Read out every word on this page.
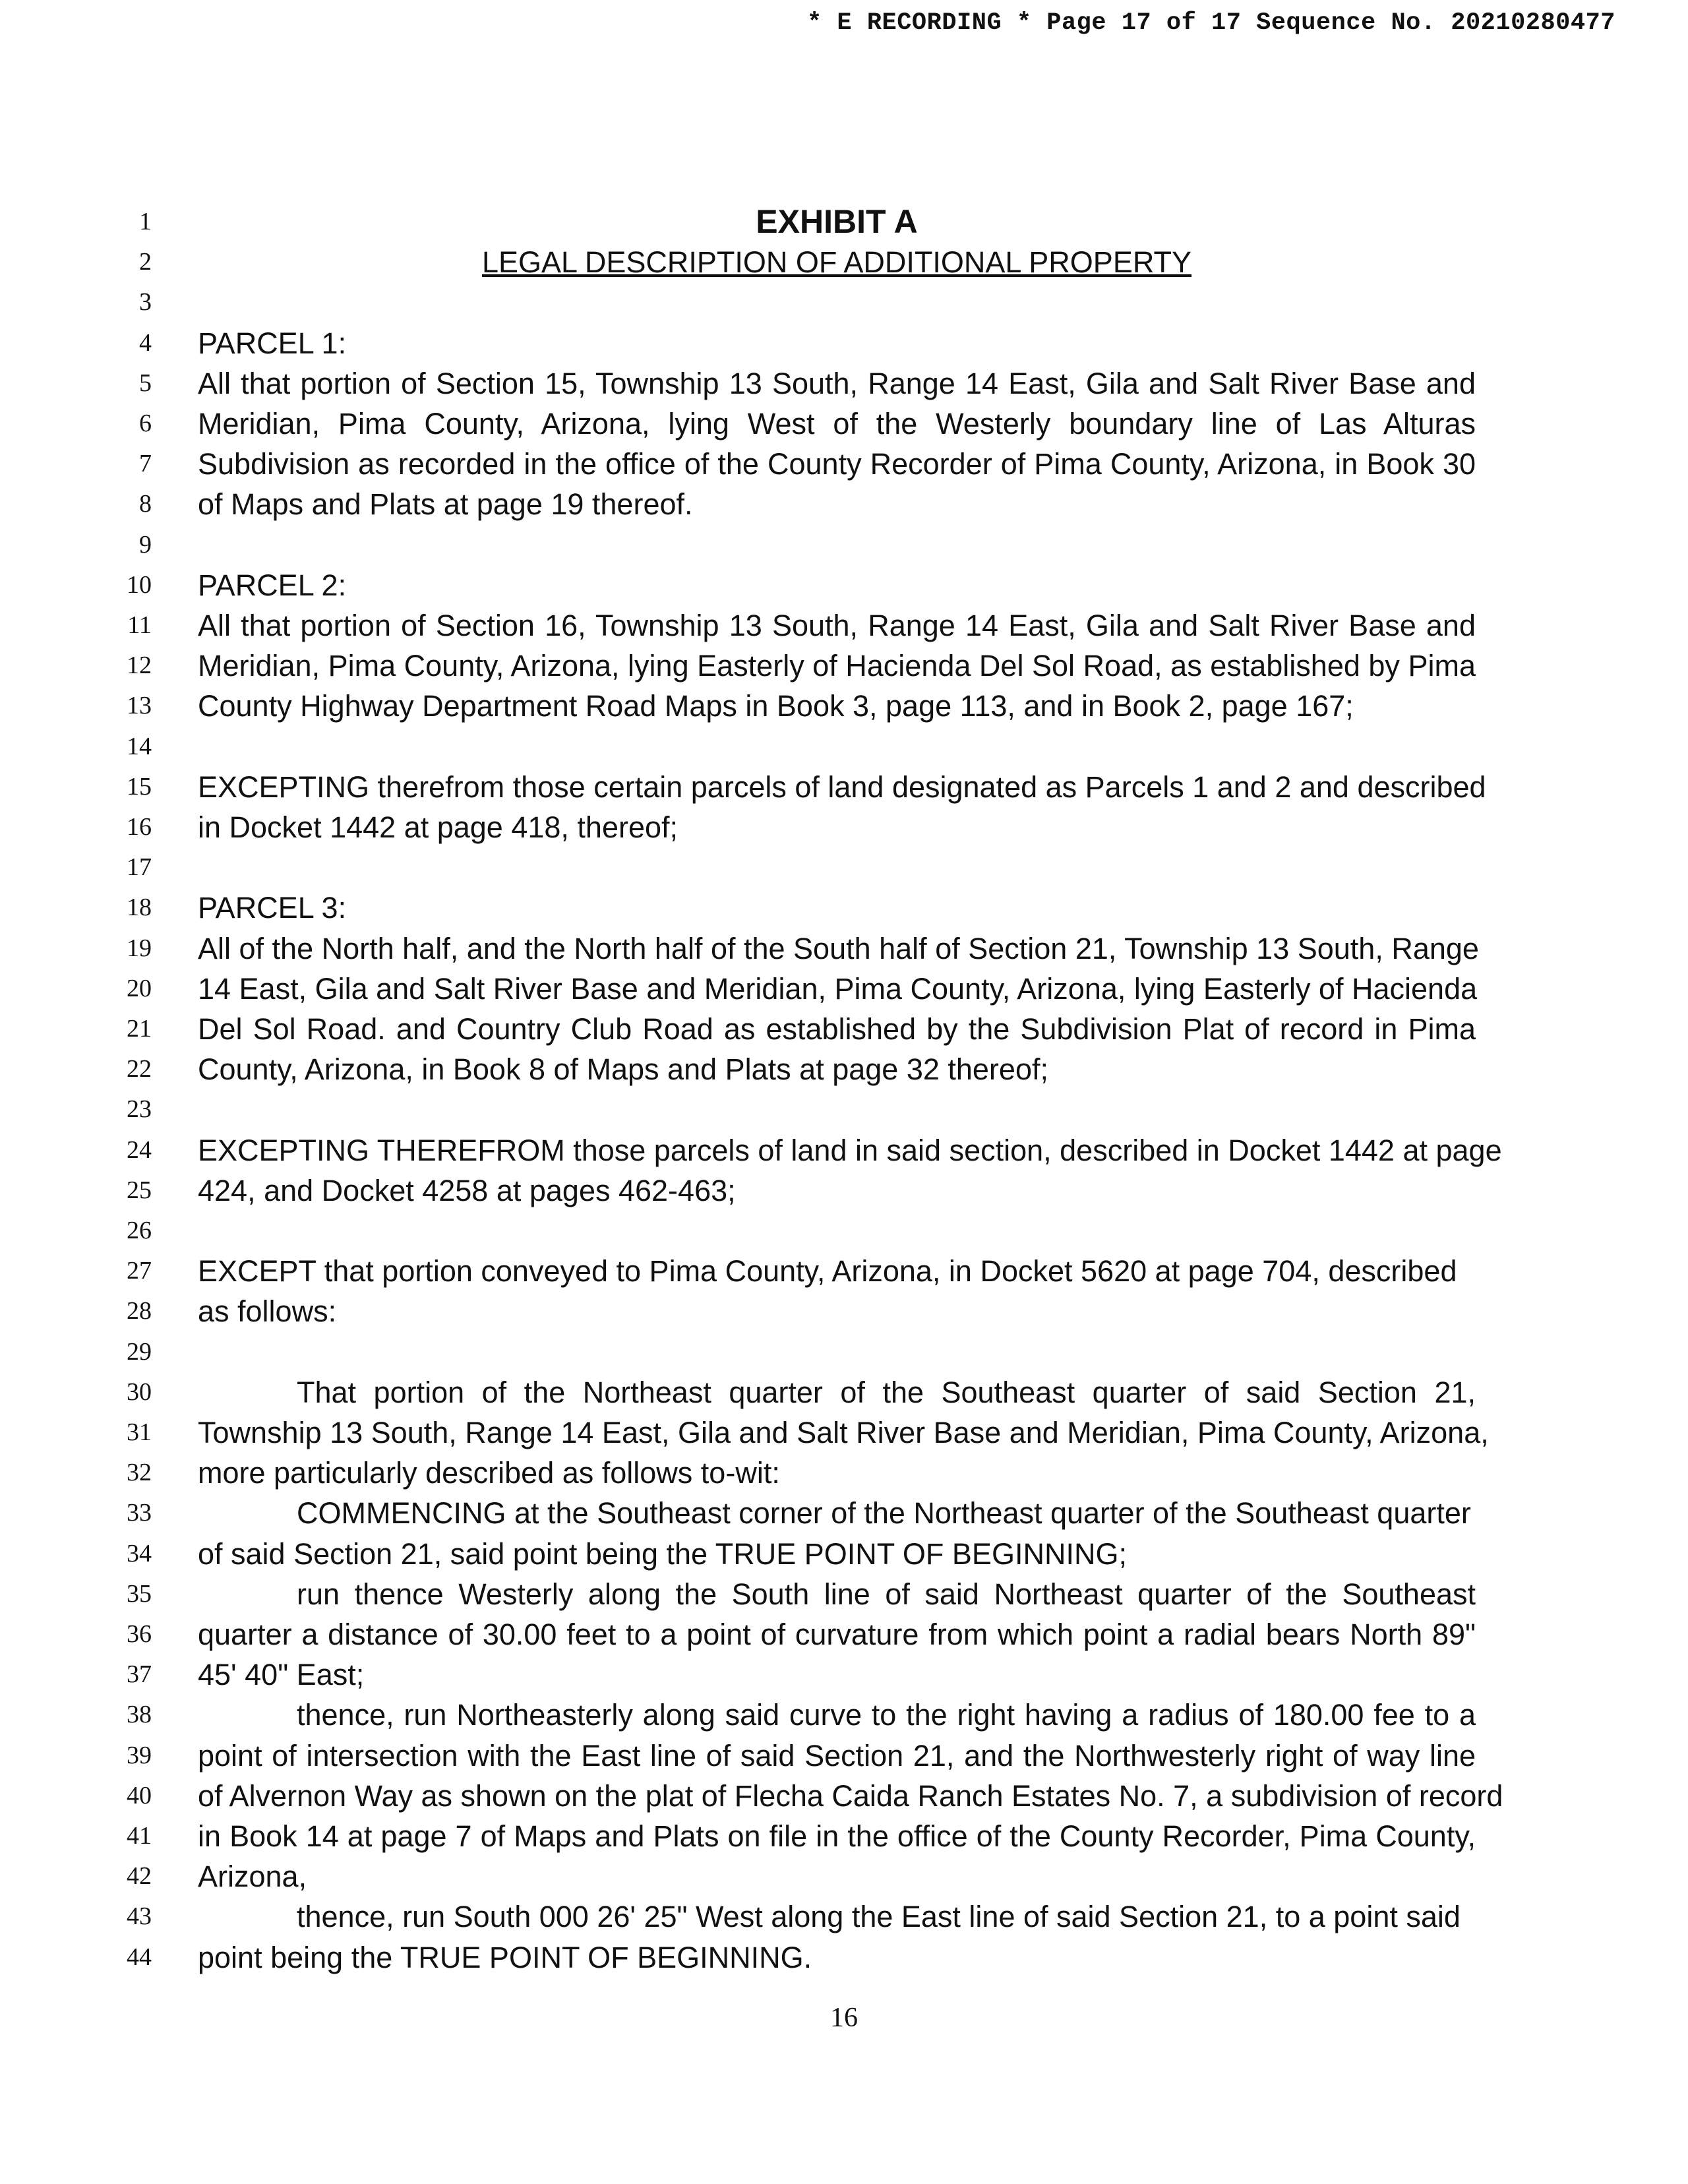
* E RECORDING * Page 17 of 17 Sequence No. 20210280477
1	EXHIBIT A
2	LEGAL DESCRIPTION OF ADDITIONAL PROPERTY
3
4 PARCEL 1:
5 All that portion of Section 15, Township 13 South, Range 14 East, Gila and Salt River Base and
6 Meridian, Pima County, Arizona, lying West of the Westerly boundary line of Las Alturas
7 Subdivision as recorded in the office of the County Recorder of Pima County, Arizona, in Book 30
8 of Maps and Plats at page 19 thereof.
9
10 PARCEL 2:
11 All that portion of Section 16, Township 13 South, Range 14 East, Gila and Salt River Base and
12 Meridian, Pima County, Arizona, lying Easterly of Hacienda Del Sol Road, as established by Pima
13 County Highway Department Road Maps in Book 3, page 113, and in Book 2, page 167;
14
15 EXCEPTING therefrom those certain parcels of land designated as Parcels 1 and 2 and described
16 in Docket 1442 at page 418, thereof;
17
18 PARCEL 3:
19 All of the North half, and the North half of the South half of Section 21, Township 13 South, Range
20 14 East, Gila and Salt River Base and Meridian, Pima County, Arizona, lying Easterly of Hacienda
21 Del Sol Road. and Country Club Road as established by the Subdivision Plat of record in Pima
22 County, Arizona, in Book 8 of Maps and Plats at page 32 thereof;
23
24 EXCEPTING THEREFROM those parcels of land in said section, described in Docket 1442 at page
25 424, and Docket 4258 at pages 462-463;
26
27 EXCEPT that portion conveyed to Pima County, Arizona, in Docket 5620 at page 704, described
28 as follows:
29
30	That portion of the Northeast quarter of the Southeast quarter of said Section 21,
31 Township 13 South, Range 14 East, Gila and Salt River Base and Meridian, Pima County, Arizona,
32 more particularly described as follows to-wit:
33	COMMENCING at the Southeast corner of the Northeast quarter of the Southeast quarter
34 of said Section 21, said point being the TRUE POINT OF BEGINNING;
35	run thence Westerly along the South line of said Northeast quarter of the Southeast
36 quarter a distance of 30.00 feet to a point of curvature from which point a radial bears North 89"
37 45' 40" East;
38	thence, run Northeasterly along said curve to the right having a radius of 180.00 fee to a
39 point of intersection with the East line of said Section 21, and the Northwesterly right of way line
40 of Alvernon Way as shown on the plat of Flecha Caida Ranch Estates No. 7, a subdivision of record
41 in Book 14 at page 7 of Maps and Plats on file in the office of the County Recorder, Pima County,
42 Arizona,
43	thence, run South 000 26' 25" West along the East line of said Section 21, to a point said
44 point being the TRUE POINT OF BEGINNING.
16
